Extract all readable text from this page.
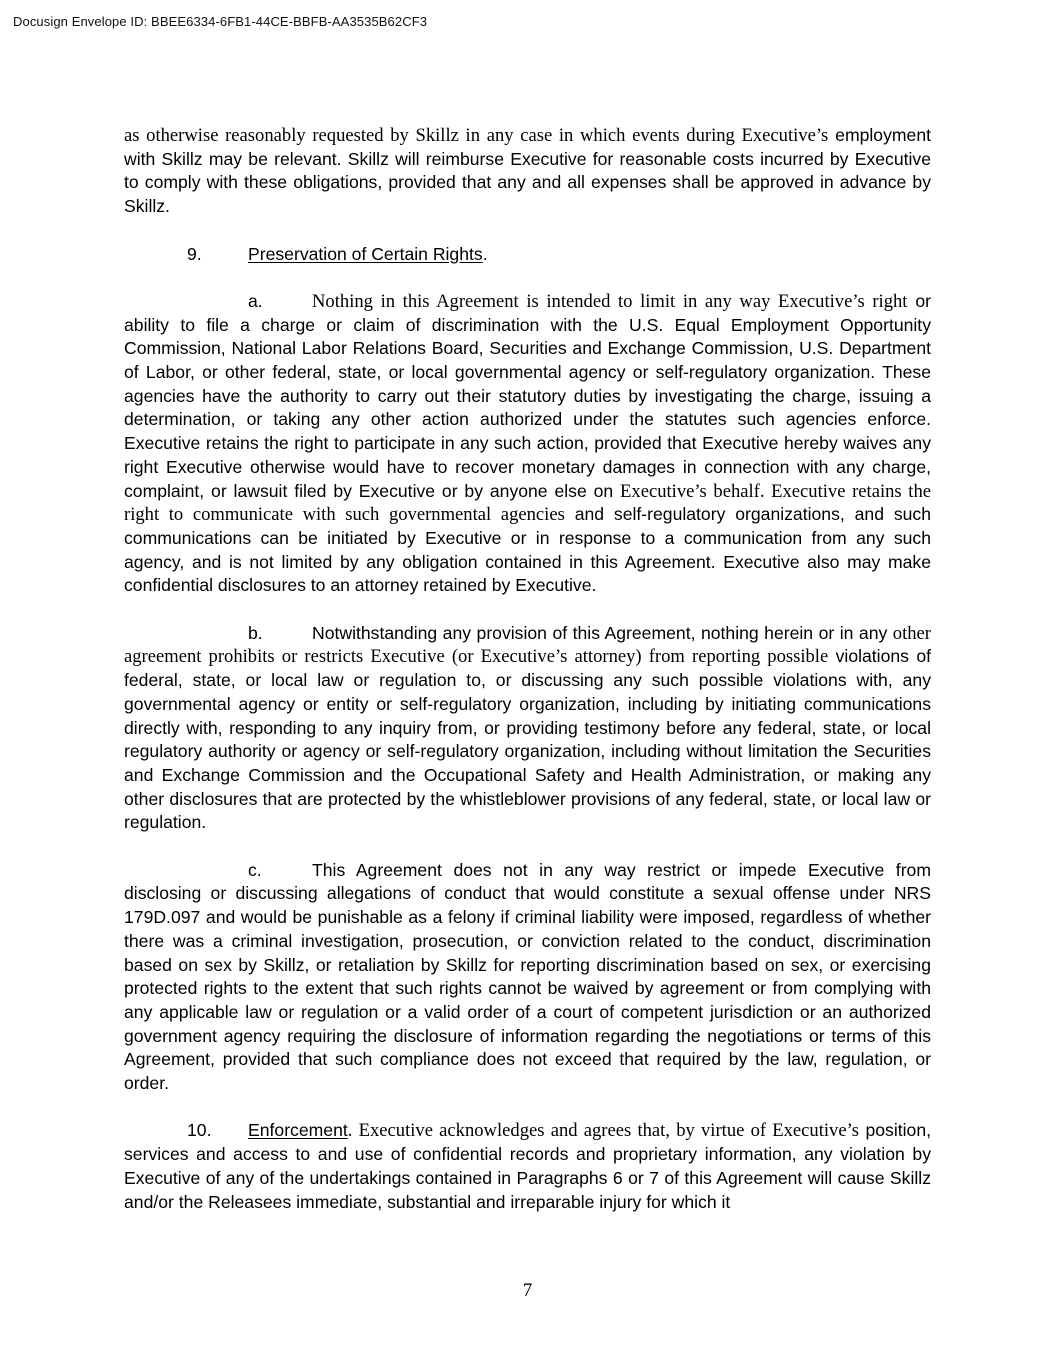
Docusign Envelope ID: BBEE6334-6FB1-44CE-BBFB-AA3535B62CF3

as otherwise reasonably requested by Skillz in any case in which events during Executive’s employment with Skillz may be relevant. Skillz will reimburse Executive for reasonable costs incurred by Executive to comply with these obligations, provided that any and all expenses shall be approved in advance by Skillz.

9.	Preservation of Certain Rights.

a.	Nothing in this Agreement is intended to limit in any way Executive’s right or ability to file a charge or claim of discrimination with the U.S. Equal Employment Opportunity Commission, National Labor Relations Board, Securities and Exchange Commission, U.S. Department of Labor, or other federal, state, or local governmental agency or self-regulatory organization. These agencies have the authority to carry out their statutory duties by investigating the charge, issuing a determination, or taking any other action authorized under the statutes such agencies enforce. Executive retains the right to participate in any such action, provided that Executive hereby waives any right Executive otherwise would have to recover monetary damages in connection with any charge, complaint, or lawsuit filed by Executive or by anyone else on Executive’s behalf. Executive retains the right to communicate with such governmental agencies and self-regulatory organizations, and such communications can be initiated by Executive or in response to a communication from any such agency, and is not limited by any obligation contained in this Agreement. Executive also may make confidential disclosures to an attorney retained by Executive.

b.	Notwithstanding any provision of this Agreement, nothing herein or in any other agreement prohibits or restricts Executive (or Executive’s attorney) from reporting possible violations of federal, state, or local law or regulation to, or discussing any such possible violations with, any governmental agency or entity or self-regulatory organization, including by initiating communications directly with, responding to any inquiry from, or providing testimony before any federal, state, or local regulatory authority or agency or self-regulatory organization, including without limitation the Securities and Exchange Commission and the Occupational Safety and Health Administration, or making any other disclosures that are protected by the whistleblower provisions of any federal, state, or local law or regulation.

c.	This Agreement does not in any way restrict or impede Executive from disclosing or discussing allegations of conduct that would constitute a sexual offense under NRS 179D.097 and would be punishable as a felony if criminal liability were imposed, regardless of whether there was a criminal investigation, prosecution, or conviction related to the conduct, discrimination based on sex by Skillz, or retaliation by Skillz for reporting discrimination based on sex, or exercising protected rights to the extent that such rights cannot be waived by agreement or from complying with any applicable law or regulation or a valid order of a court of competent jurisdiction or an authorized government agency requiring the disclosure of information regarding the negotiations or terms of this Agreement, provided that such compliance does not exceed that required by the law, regulation, or order.

10. Enforcement. Executive acknowledges and agrees that, by virtue of Executive’s position, services and access to and use of confidential records and proprietary information, any violation by Executive of any of the undertakings contained in Paragraphs 6 or 7 of this Agreement will cause Skillz and/or the Releasees immediate, substantial and irreparable injury for which it

7
